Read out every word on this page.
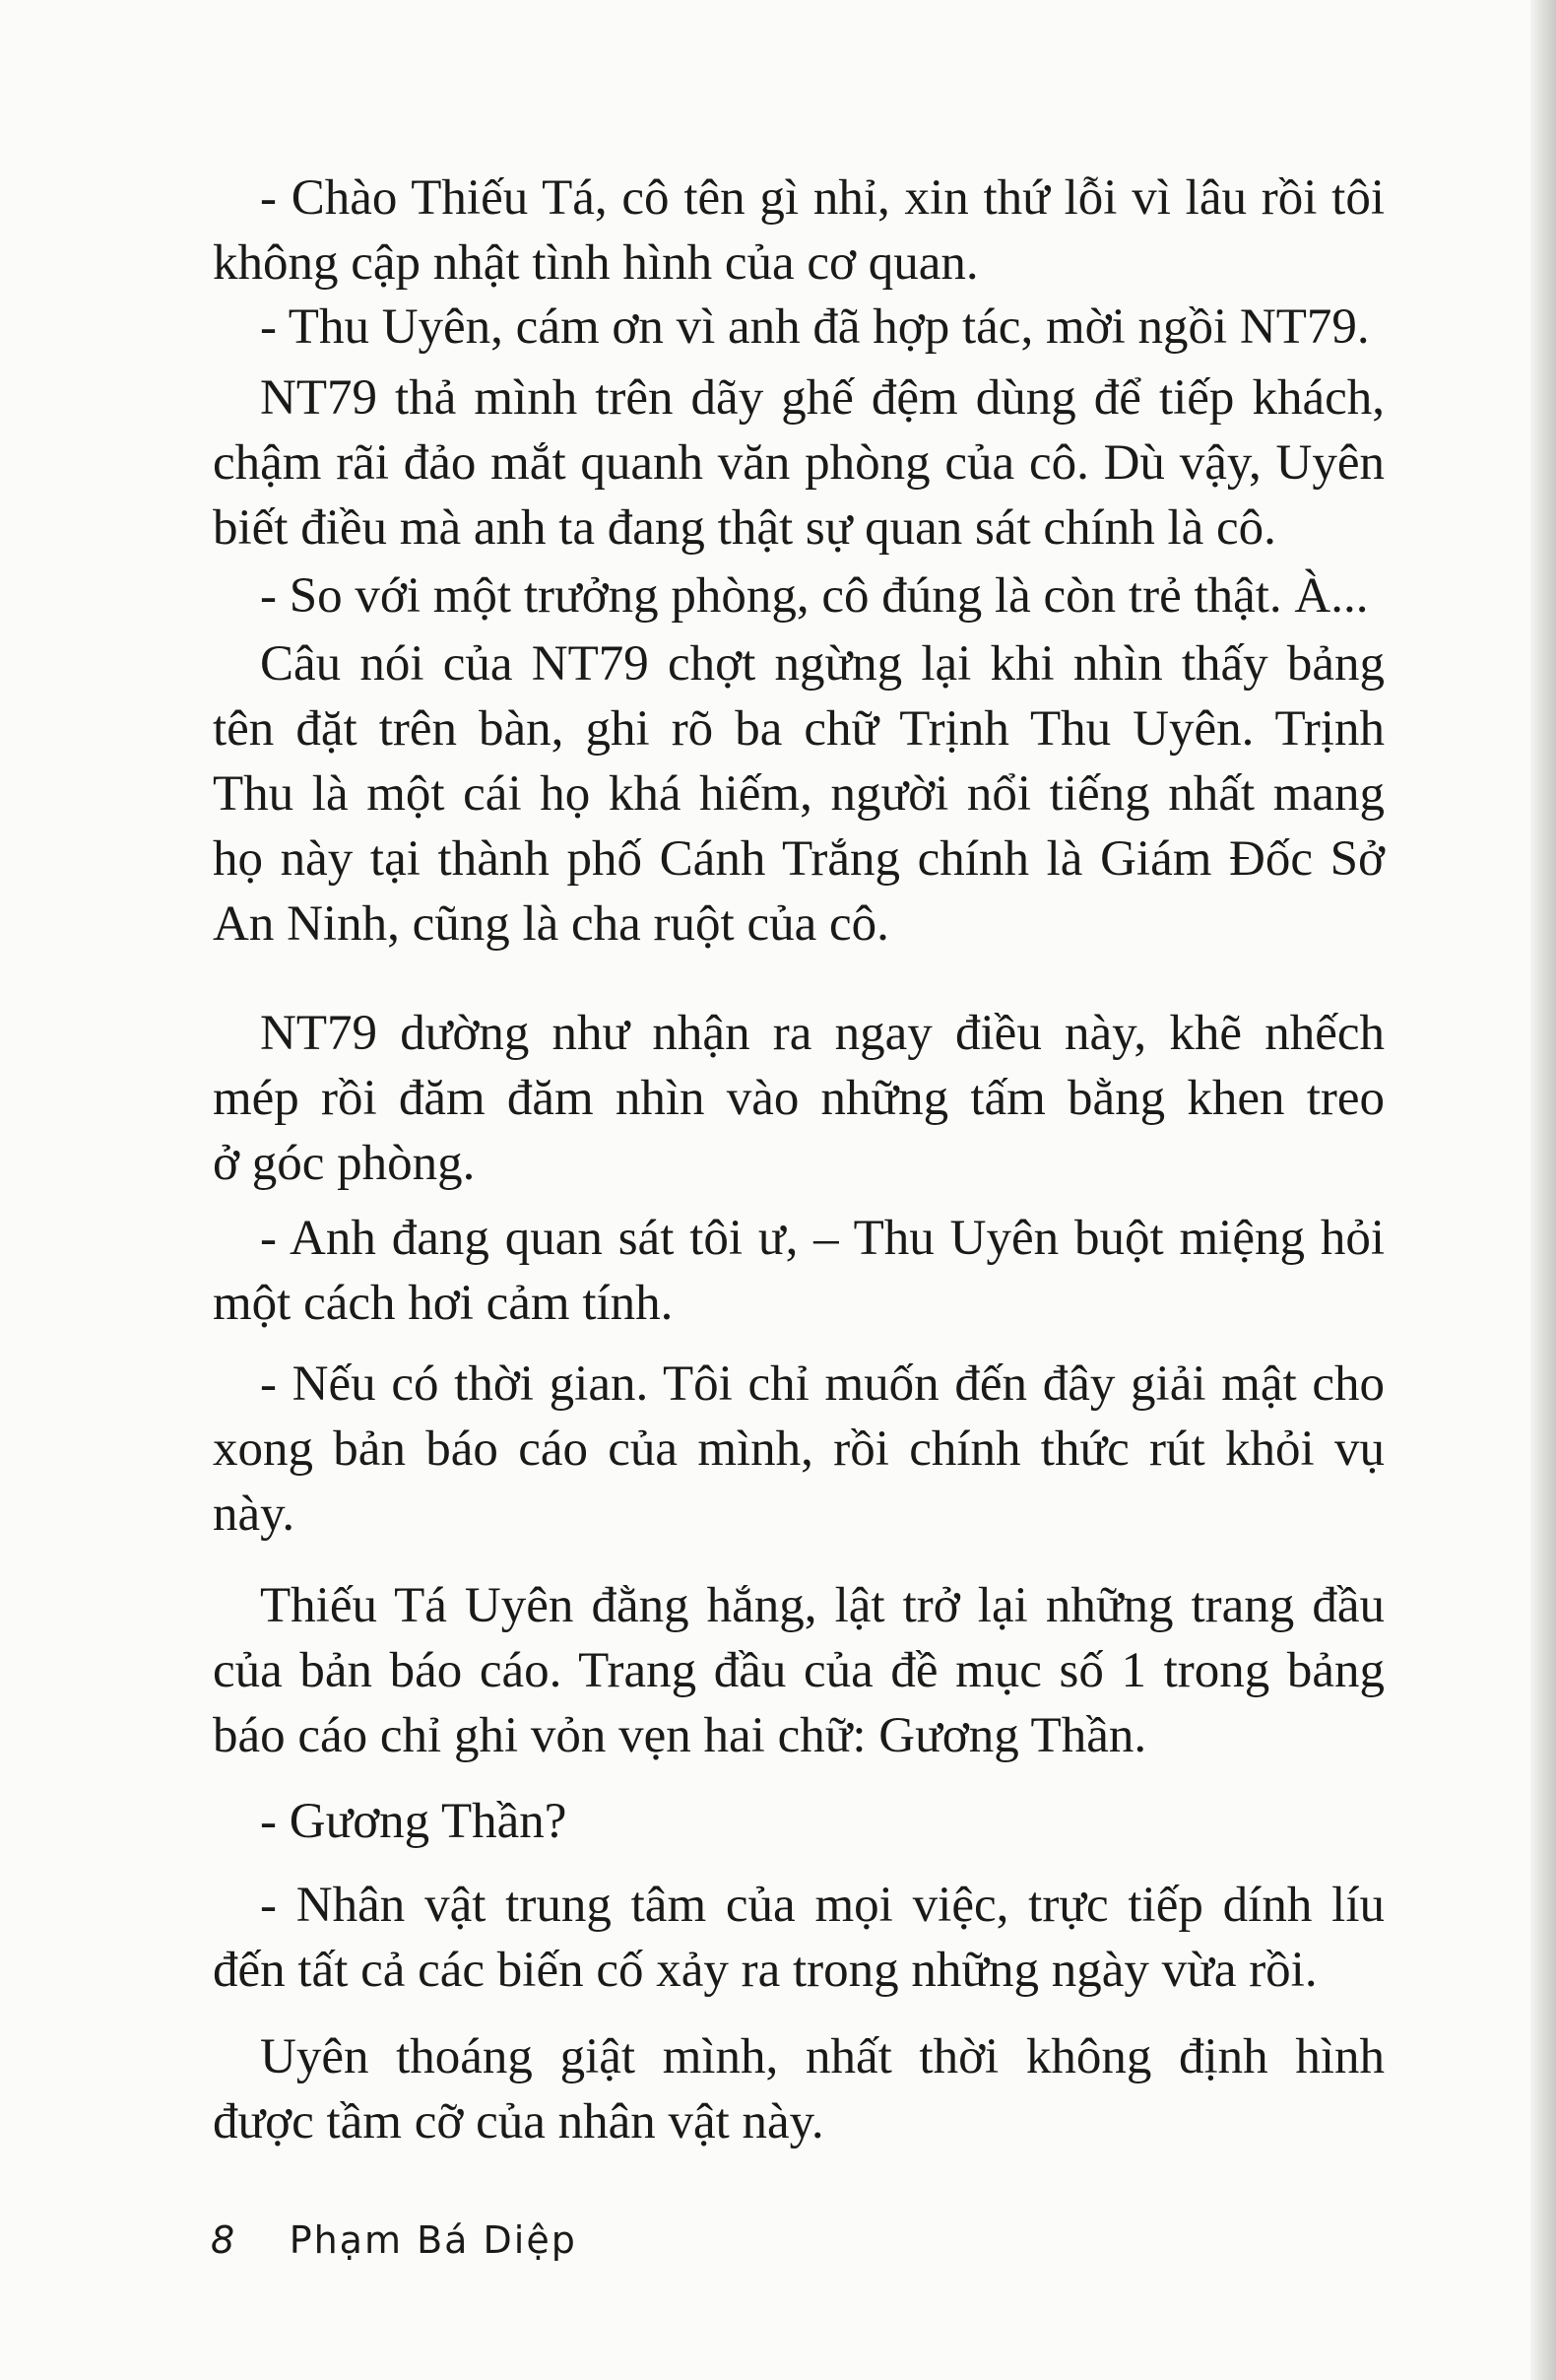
- Chào Thiếu Tá, cô tên gì nhỉ, xin thứ lỗi vì lâu rồi tôi
không cập nhật tình hình của cơ quan.
- Thu Uyên, cám ơn vì anh đã hợp tác, mời ngồi NT79.
NT79 thả mình trên dãy ghế đệm dùng để tiếp khách,
chậm rãi đảo mắt quanh văn phòng của cô. Dù vậy, Uyên
biết điều mà anh ta đang thật sự quan sát chính là cô.
- So với một trưởng phòng, cô đúng là còn trẻ thật. À...
Câu nói của NT79 chợt ngừng lại khi nhìn thấy bảng
tên đặt trên bàn, ghi rõ ba chữ Trịnh Thu Uyên. Trịnh
Thu là một cái họ khá hiếm, người nổi tiếng nhất mang
họ này tại thành phố Cánh Trắng chính là Giám Đốc Sở
An Ninh, cũng là cha ruột của cô.
NT79 dường như nhận ra ngay điều này, khẽ nhếch
mép rồi đăm đăm nhìn vào những tấm bằng khen treo
ở góc phòng.
- Anh đang quan sát tôi ư, – Thu Uyên buột miệng hỏi
một cách hơi cảm tính.
- Nếu có thời gian. Tôi chỉ muốn đến đây giải mật cho
xong bản báo cáo của mình, rồi chính thức rút khỏi vụ
này.
Thiếu Tá Uyên đằng hắng, lật trở lại những trang đầu
của bản báo cáo. Trang đầu của đề mục số 1 trong bảng
báo cáo chỉ ghi vỏn vẹn hai chữ: Gương Thần.
- Gương Thần?
- Nhân vật trung tâm của mọi việc, trực tiếp dính líu
đến tất cả các biến cố xảy ra trong những ngày vừa rồi.
Uyên thoáng giật mình, nhất thời không định hình
được tầm cỡ của nhân vật này.
8 Phạm Bá Diệp
